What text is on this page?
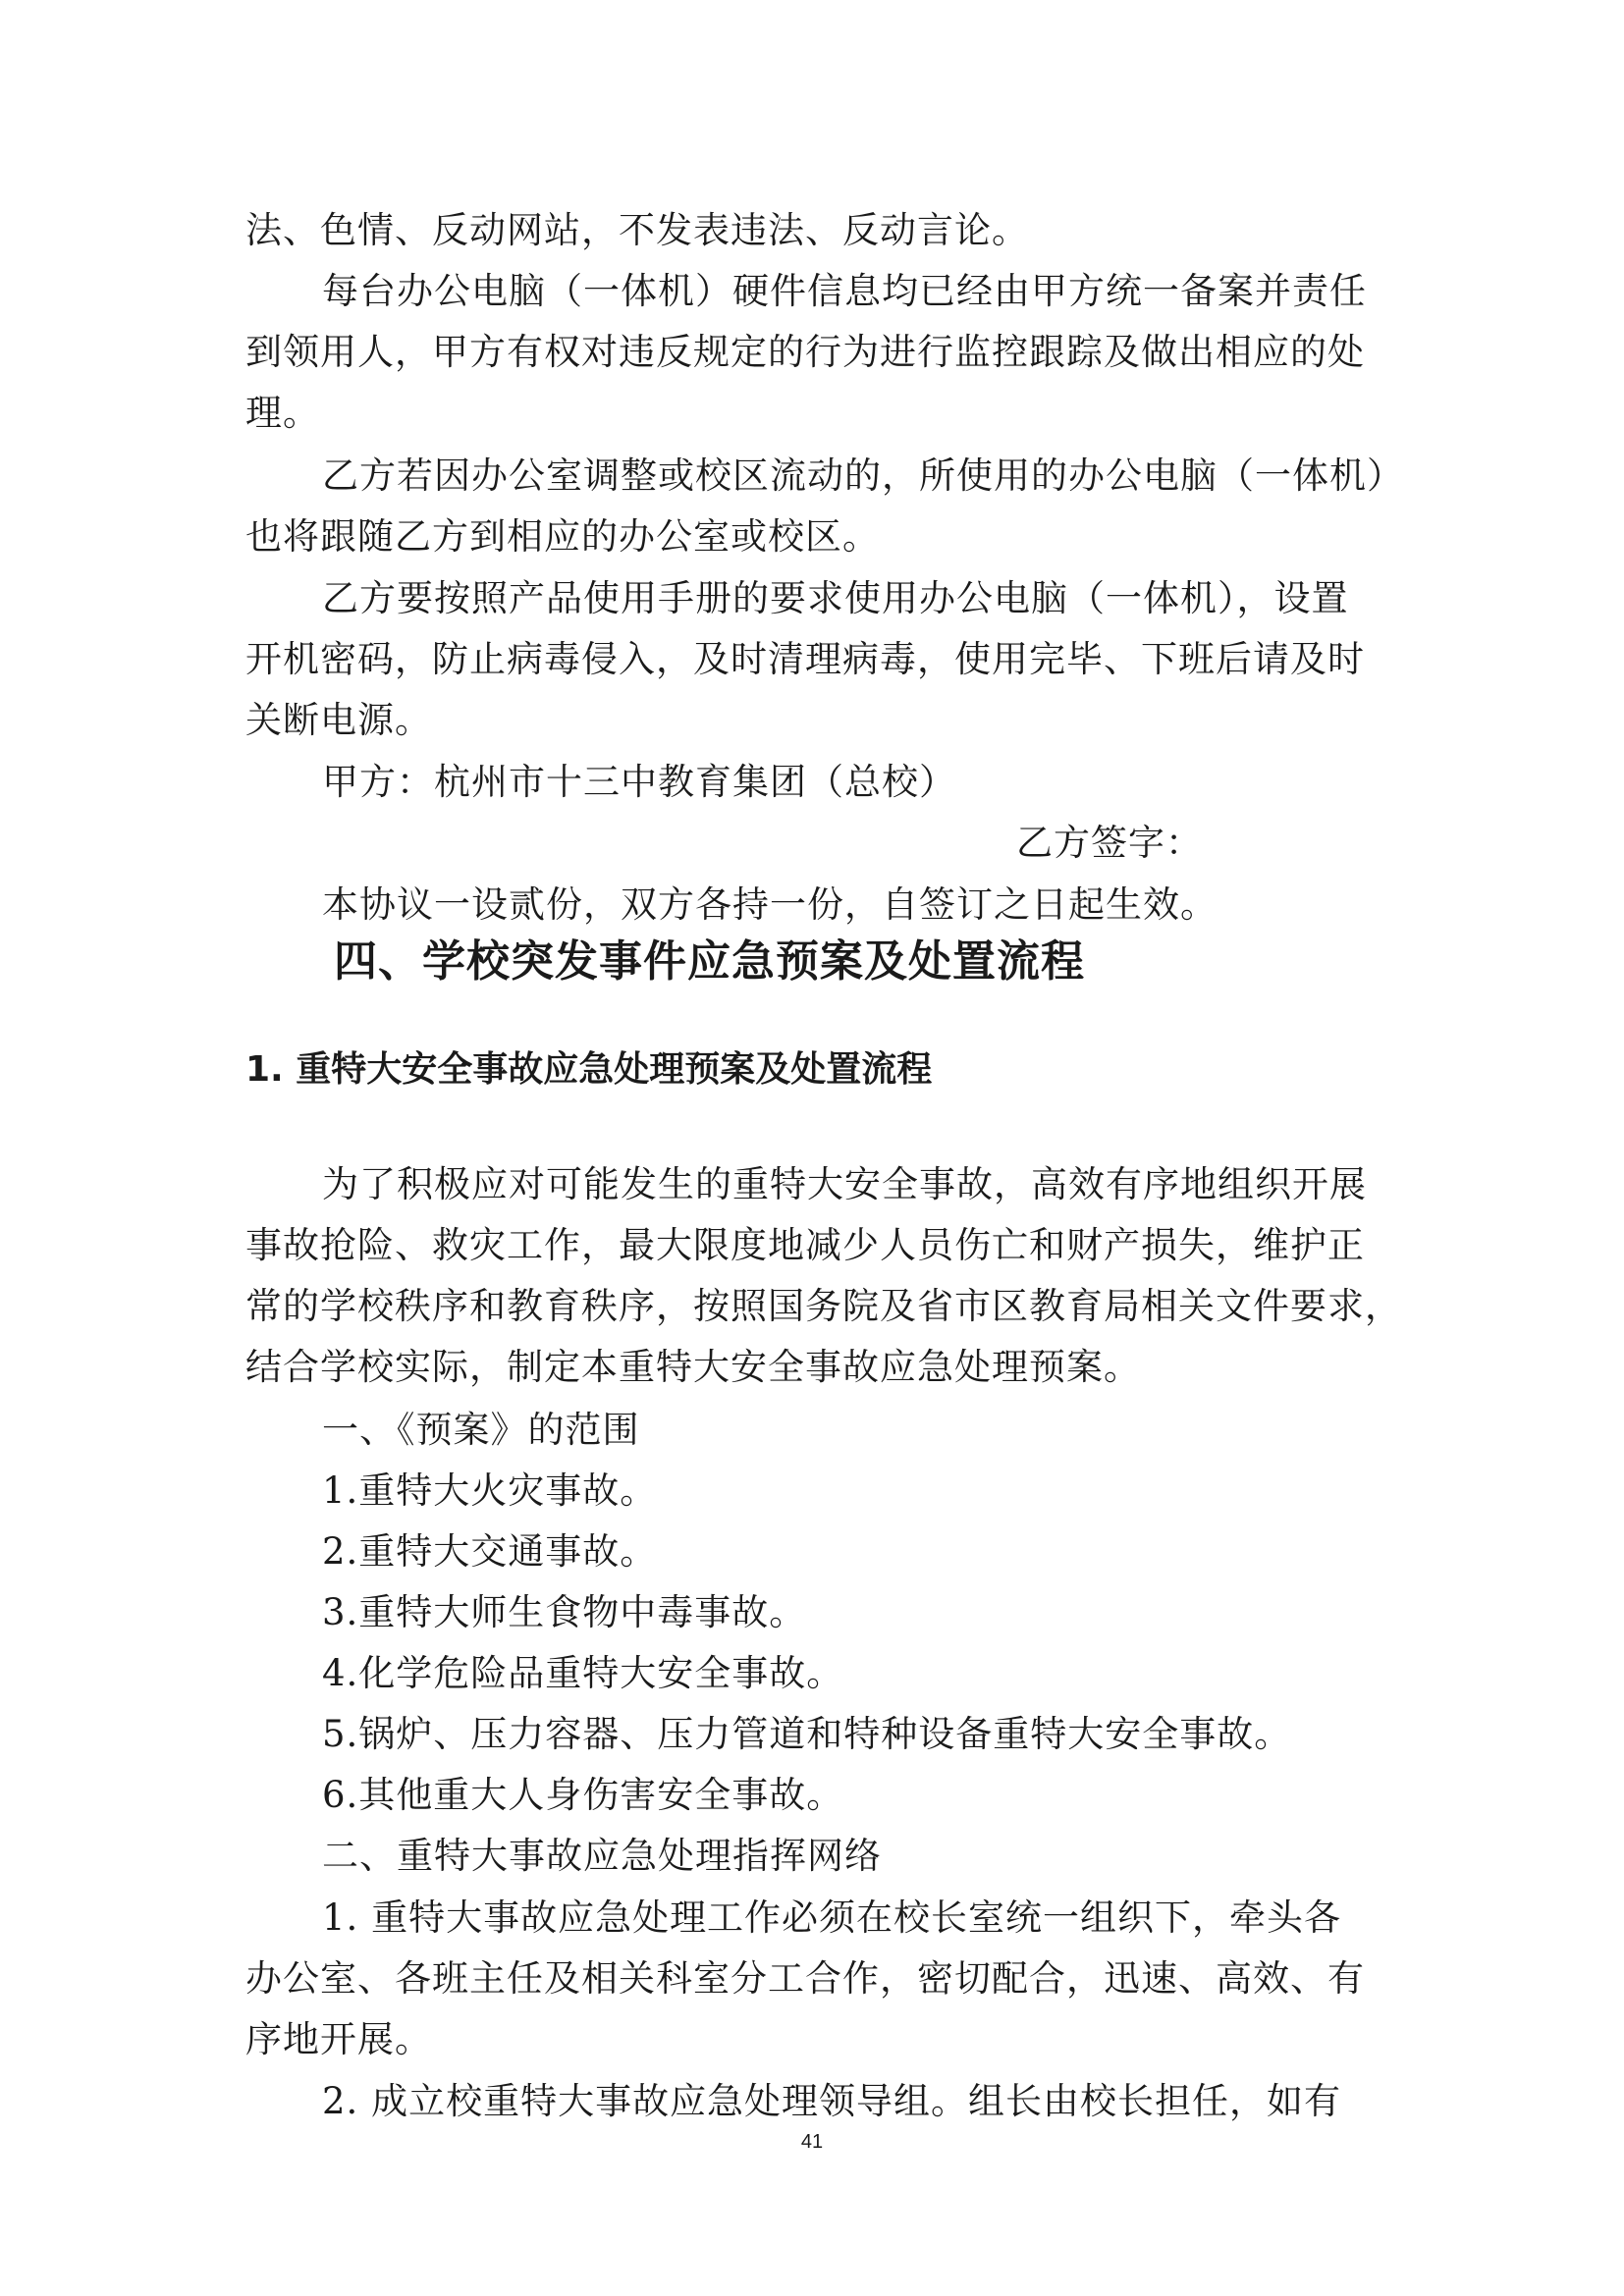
法、色情、反动网站，不发表违法、反动言论。
每台办公电脑（一体机）硬件信息均已经由甲方统一备案并责任
到领用人，甲方有权对违反规定的行为进行监控跟踪及做出相应的处
理。
乙方若因办公室调整或校区流动的，所使用的办公电脑（一体机）
也将跟随乙方到相应的办公室或校区。
乙方要按照产品使用手册的要求使用办公电脑（一体机），设置
开机密码，防止病毒侵入，及时清理病毒，使用完毕、下班后请及时
关断电源。
甲方：杭州市十三中教育集团（总校）
乙方签字：
本协议一设贰份，双方各持一份，自签订之日起生效。
四、学校突发事件应急预案及处置流程
1. 重特大安全事故应急处理预案及处置流程
为了积极应对可能发生的重特大安全事故，高效有序地组织开展
事故抢险、救灾工作，最大限度地减少人员伤亡和财产损失，维护正
常的学校秩序和教育秩序，按照国务院及省市区教育局相关文件要求，
结合学校实际，制定本重特大安全事故应急处理预案。
一、《预案》的范围
1.重特大火灾事故。
2.重特大交通事故。
3.重特大师生食物中毒事故。
4.化学危险品重特大安全事故。
5.锅炉、压力容器、压力管道和特种设备重特大安全事故。
6.其他重大人身伤害安全事故。
二、重特大事故应急处理指挥网络
1. 重特大事故应急处理工作必须在校长室统一组织下，牵头各
办公室、各班主任及相关科室分工合作，密切配合，迅速、高效、有
序地开展。
2. 成立校重特大事故应急处理领导组。组长由校长担任，如有
41
